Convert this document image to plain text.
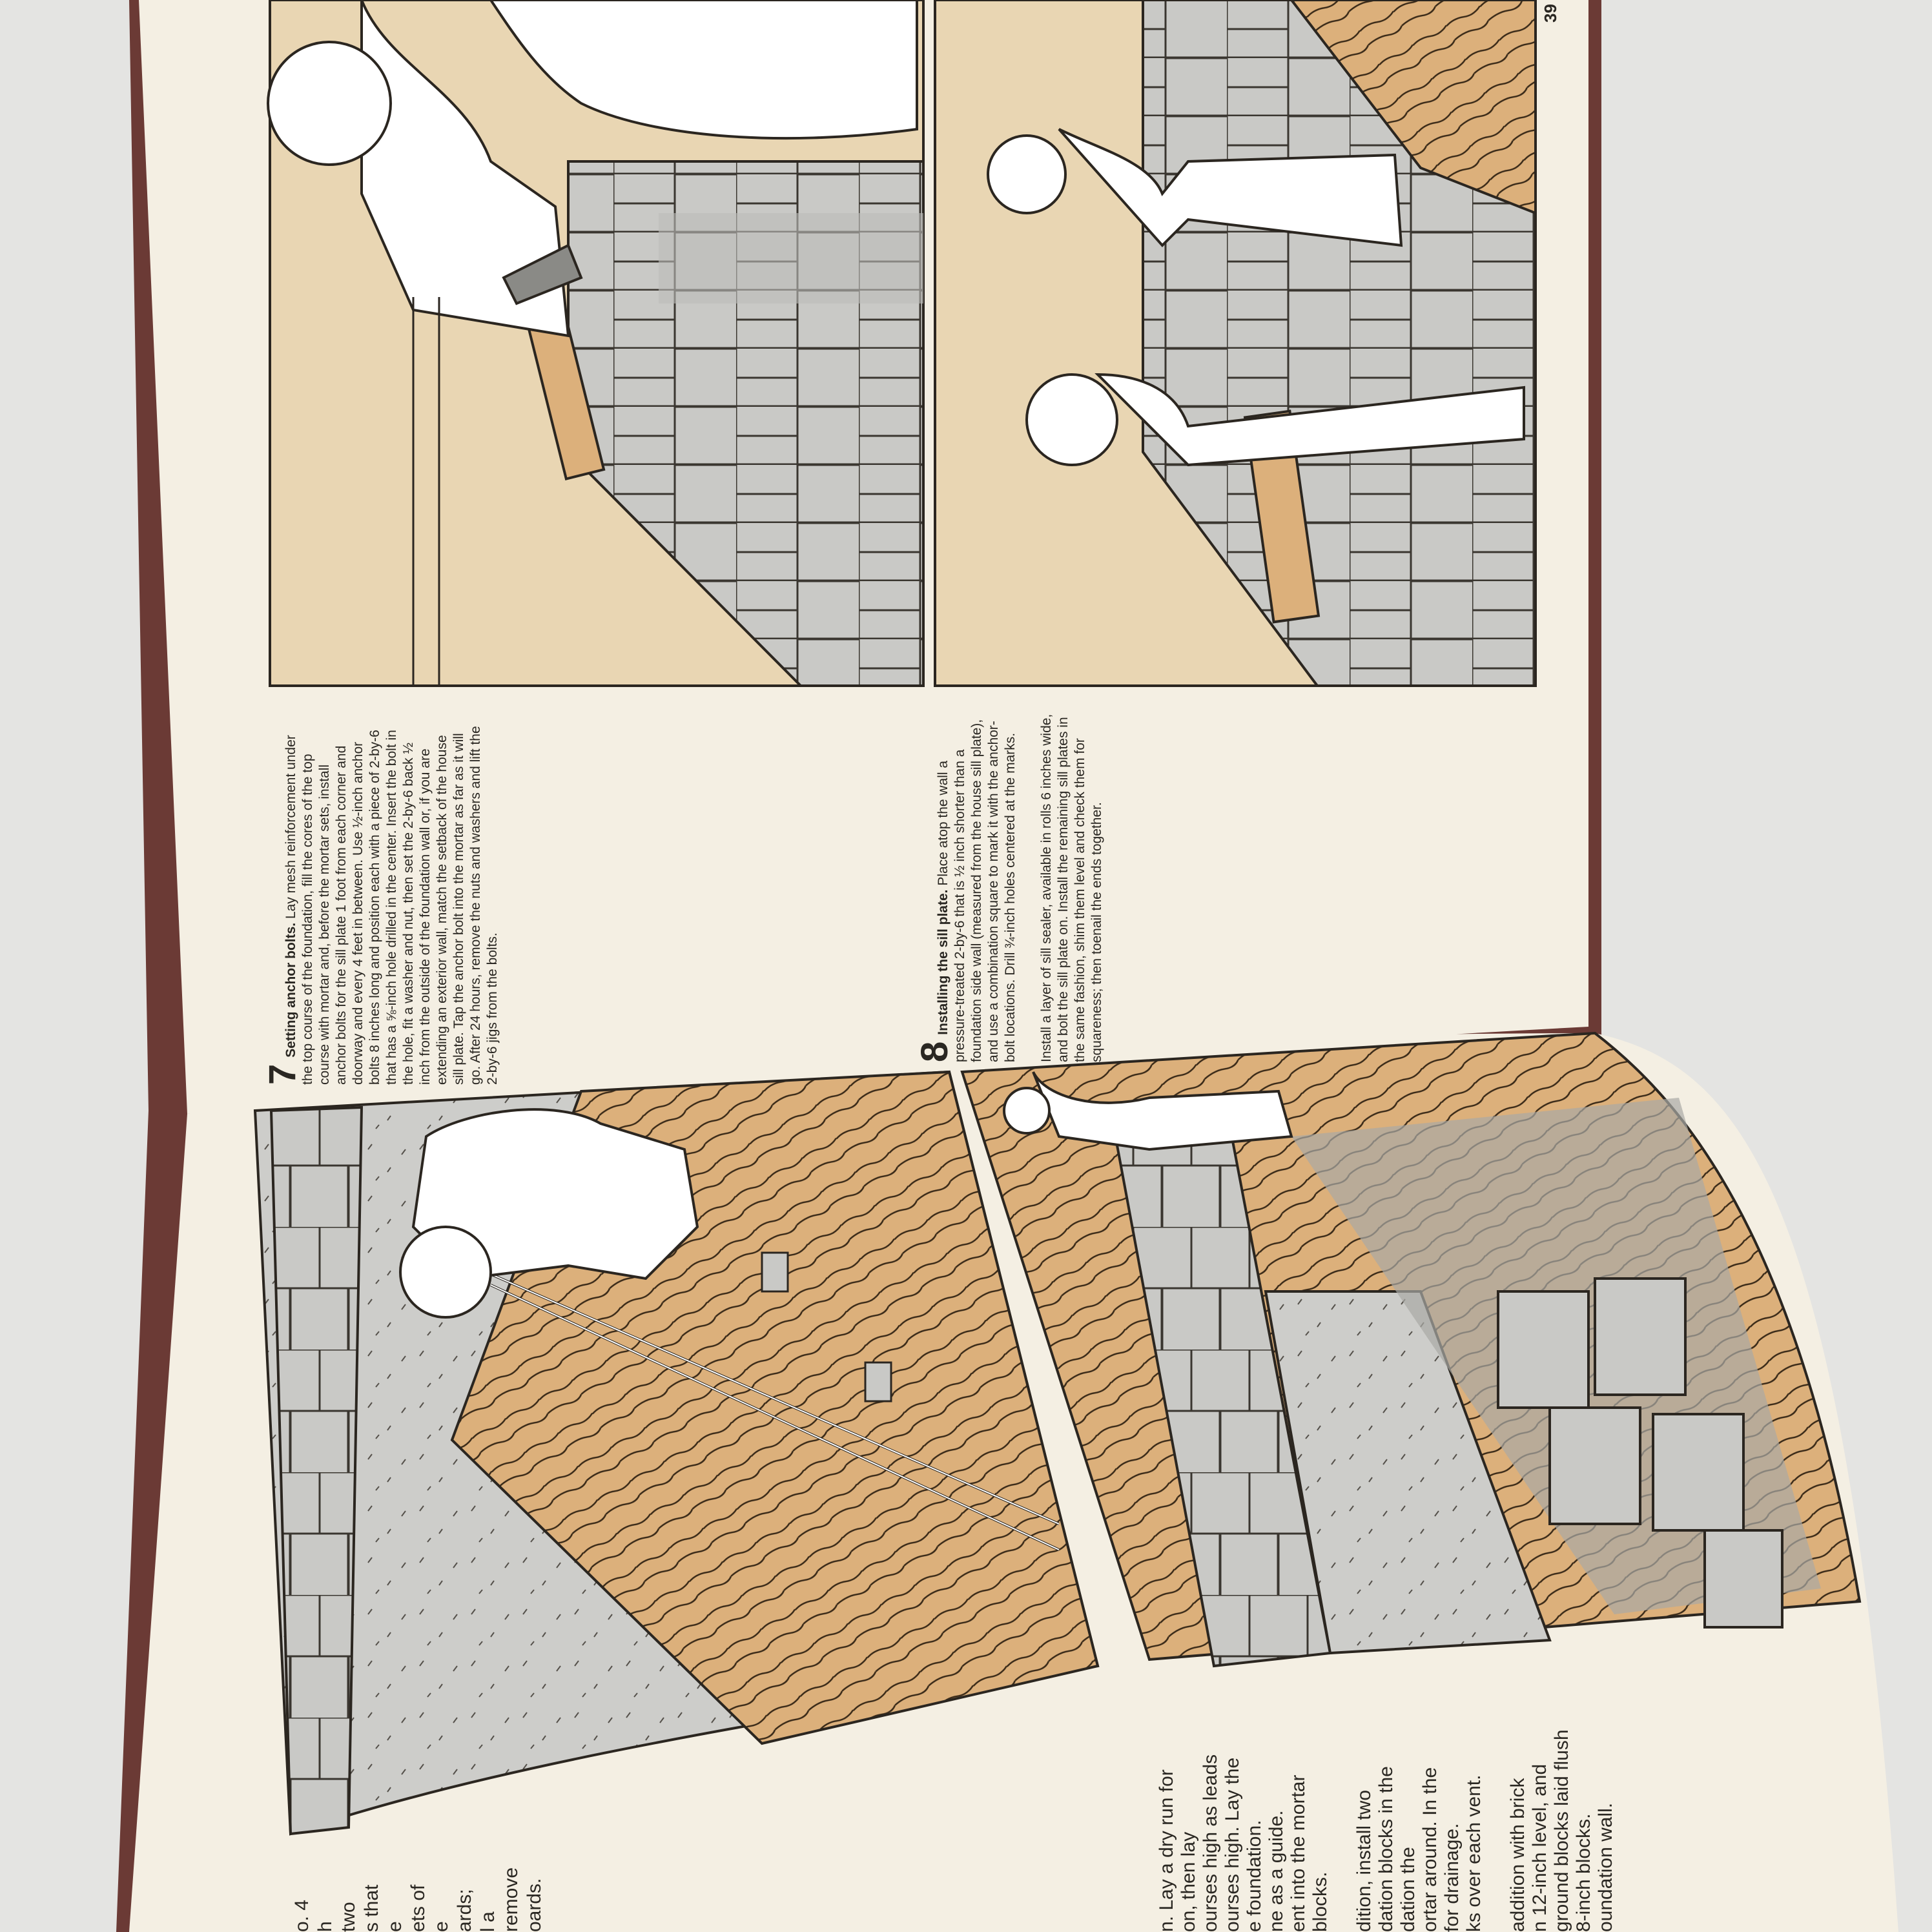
39

7Setting anchor bolts. Lay mesh reinforcement under the top course of the foundation, fill the cores of the top course with mortar and, before the mortar sets, install anchor bolts for the sill plate 1 foot from each corner and doorway and every 4 feet in between. Use ½-inch anchor bolts 8 inches long and position each with a piece of 2-by-6 that has a ⅝-inch hole drilled in the center. Insert the bolt in the hole, fit a washer and nut, then set the 2-by-6 back ½ inch from the outside of the foundation wall or, if you are extending an exterior wall, match the setback of the house sill plate. Tap the anchor bolt into the mortar as far as it will go. After 24 hours, remove the nuts and washers and lift the 2-by-6 jigs from the bolts.	8Installing the sill plate. Place atop the wall a pressure-treated 2-by-6 that is ½ inch shorter than a foundation side wall (measured from the house sill plate), and use a combination square to mark it with the anchor-bolt locations. Drill ¾-inch holes centered at the marks. Install a layer of sill sealer, available in rolls 6 inches wide, and bolt the sill plate on. Install the remaining sill plates in the same fashion, shim them level and check them for squareness; then toenail the ends together.

o. 4 h two s that e ets of e ards; l a remove oards.	n. Lay a dry run for on, then lay ourses high as leads ourses high. Lay the e foundation. ne as a guide. ent into the mortar blocks.
dition, install two dation blocks in the dation the ortar around. In the for drainage. ks over each vent.
addition with brick n 12-inch level, and ground blocks laid flush 8-inch blocks. oundation wall.
